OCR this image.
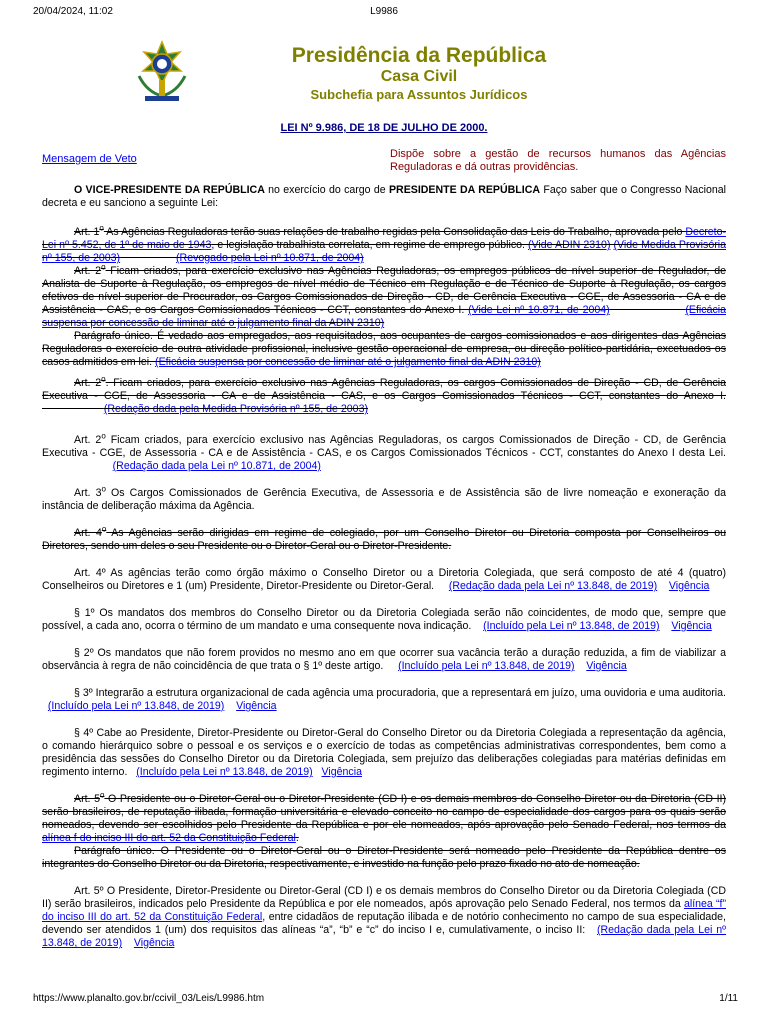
20/04/2024, 11:02	L9986
Presidência da República
Casa Civil
Subchefia para Assuntos Jurídicos
LEI Nº 9.986, DE 18 DE JULHO DE 2000.
Mensagem de Veto	Dispõe sobre a gestão de recursos humanos das Agências Reguladoras e dá outras providências.

O VICE-PRESIDENTE DA REPÚBLICA no exercício do cargo de PRESIDENTE DA REPÚBLICA Faço saber que o Congresso Nacional decreta e eu sanciono a seguinte Lei:

Art. 1$^o$ As Agências Reguladoras terão suas relações de trabalho regidas pela Consolidação das Leis do Trabalho, aprovada pelo Decreto-Lei nº 5.452, de 1º de maio de 1943, e legislação trabalhista correlata, em regime de emprego público. (Vide ADIN 2310) (Vide Medida Provisória nº 155, de 2003)	(Revogado pela Lei nº 10.871, de 2004)

Art. 2$^o$ Ficam criados, para exercício exclusivo nas Agências Reguladoras, os empregos públicos de nível superior de Regulador, de Analista de Suporte à Regulação, os empregos de nível médio de Técnico em Regulação e de Técnico de Suporte à Regulação, os cargos efetivos de nível superior de Procurador, os Cargos Comissionados de Direção - CD, de Gerência Executiva - CGE, de Assessoria - CA e de Assistência - CAS, e os Cargos Comissionados Técnicos - CCT, constantes do Anexo I. (Vide Lei nº 10.871, de 2004)	(Eficácia suspensa por concessão de liminar até o julgamento final da ADIN 2310)

Parágrafo único. É vedado aos empregados, aos requisitados, aos ocupantes de cargos comissionados e aos dirigentes das Agências Reguladoras o exercício de outra atividade profissional, inclusive gestão operacional de empresa, ou direção político-partidária, excetuados os casos admitidos em lei. (Eficácia suspensa por concessão de liminar até o julgamento final da ADIN 2310)

Art. 2$^o$. Ficam criados, para exercício exclusivo nas Agências Reguladoras, os cargos Comissionados de Direção - CD, de Gerência Executiva - CGE, de Assessoria - CA e de Assistência - CAS, e os Cargos Comissionados Técnicos - CCT, constantes do Anexo I.                      (Redação dada pela Medida Provisória nº 155, de 2003)

Art. 2$^o$ Ficam criados, para exercício exclusivo nas Agências Reguladoras, os cargos Comissionados de Direção - CD, de Gerência Executiva - CGE, de Assessoria - CA e de Assistência - CAS, e os Cargos Comissionados Técnicos - CCT, constantes do Anexo I desta Lei.                         (Redação dada pela Lei nº 10.871, de 2004)

Art. 3$^o$ Os Cargos Comissionados de Gerência Executiva, de Assessoria e de Assistência são de livre nomeação e exoneração da instância de deliberação máxima da Agência.

Art. 4$^o$ As Agências serão dirigidas em regime de colegiado, por um Conselho Diretor ou Diretoria composta por Conselheiros ou Diretores, sendo um deles o seu Presidente ou o Diretor-Geral ou o Diretor-Presidente.

Art. 4º As agências terão como órgão máximo o Conselho Diretor ou a Diretoria Colegiada, que será composto de até 4 (quatro) Conselheiros ou Diretores e 1 (um) Presidente, Diretor-Presidente ou Diretor-Geral.     (Redação dada pela Lei nº 13.848, de 2019) Vigência

§ 1º Os mandatos dos membros do Conselho Diretor ou da Diretoria Colegiada serão não coincidentes, de modo que, sempre que possível, a cada ano, ocorra o término de um mandato e uma consequente nova indicação.    (Incluído pela Lei nº 13.848, de 2019) Vigência

§ 2º Os mandatos que não forem providos no mesmo ano em que ocorrer sua vacância terão a duração reduzida, a fim de viabilizar a observância à regra de não coincidência de que trata o § 1º deste artigo.     (Incluído pela Lei nº 13.848, de 2019) Vigência

§ 3º Integrarão a estrutura organizacional de cada agência uma procuradoria, que a representará em juízo, uma ouvidoria e uma auditoria.   (Incluído pela Lei nº 13.848, de 2019) Vigência

§ 4º Cabe ao Presidente, Diretor-Presidente ou Diretor-Geral do Conselho Diretor ou da Diretoria Colegiada a representação da agência, o comando hierárquico sobre o pessoal e os serviços e o exercício de todas as competências administrativas correspondentes, bem como a presidência das sessões do Conselho Diretor ou da Diretoria Colegiada, sem prejuízo das deliberações colegiadas para matérias definidas em regimento interno.   (Incluído pela Lei nº 13.848, de 2019) Vigência

Art. 5$^o$ O Presidente ou o Diretor-Geral ou o Diretor-Presidente (CD I) e os demais membros do Conselho Diretor ou da Diretoria (CD II) serão brasileiros, de reputação ilibada, formação universitária e elevado conceito no campo de especialidade dos cargos para os quais serão nomeados, devendo ser escolhidos pelo Presidente da República e por ele nomeados, após aprovação pelo Senado Federal, nos termos da alínea f do inciso III do art. 52 da Constituição Federal.

Parágrafo único. O Presidente ou o Diretor-Geral ou o Diretor-Presidente será nomeado pelo Presidente da República dentre os integrantes do Conselho Diretor ou da Diretoria, respectivamente, e investido na função pelo prazo fixado no ato de nomeação.

Art. 5º O Presidente, Diretor-Presidente ou Diretor-Geral (CD I) e os demais membros do Conselho Diretor ou da Diretoria Colegiada (CD II) serão brasileiros, indicados pelo Presidente da República e por ele nomeados, após aprovação pelo Senado Federal, nos termos da alínea “f” do inciso III do art. 52 da Constituição Federal, entre cidadãos de reputação ilibada e de notório conhecimento no campo de sua especialidade, devendo ser atendidos 1 (um) dos requisitos das alíneas “a”, “b” e “c” do inciso I e, cumulativamente, o inciso II:   (Redação dada pela Lei nº 13.848, de 2019) Vigência

https://www.planalto.gov.br/ccivil_03/Leis/L9986.htm	1/11
